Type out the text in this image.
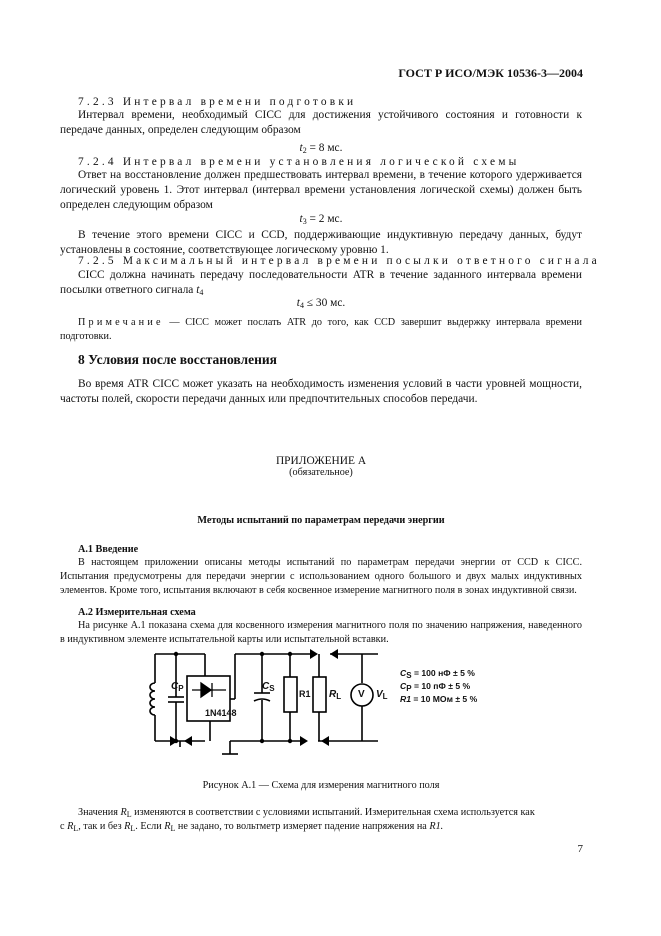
ГОСТ Р ИСО/МЭК 10536-3—2004
7.2.3 Интервал времени подготовки
Интервал времени, необходимый CICC для достижения устойчивого состояния и готовности к передаче данных, определен следующим образом
$t_2 = 8$ мс.
7.2.4 Интервал времени установления логической схемы
Ответ на восстановление должен предшествовать интервал времени, в течение которого удерживается логический уровень 1. Этот интервал (интервал времени установления логической схемы) должен быть определен следующим образом
$t_3 = 2$ мс.
В течение этого времени CICC и CCD, поддерживающие индуктивную передачу данных, будут установлены в состояние, соответствующее логическому уровню 1.
7.2.5 Максимальный интервал времени посылки ответного сигнала
CICC должна начинать передачу последовательности ATR в течение заданного интервала времени посылки ответного сигнала $t_4$
$t_4 \le 30$ мс.
Примечание — CICC может послать ATR до того, как CCD завершит выдержку интервала времени подготовки.
8 Условия после восстановления
Во время ATR CICC может указать на необходимость изменения условий в части уровней мощности, частоты полей, скорости передачи данных или предпочтительных способов передачи.
ПРИЛОЖЕНИЕ А
(обязательное)
Методы испытаний по параметрам передачи энергии
А.1 Введение
В настоящем приложении описаны методы испытаний по параметрам передачи энергии от CCD к CICC. Испытания предусмотрены для передачи энергии с использованием одного большого и двух малых индуктивных элементов. Кроме того, испытания включают в себя косвенное измерение магнитного поля в зонах индуктивной связи.
А.2 Измерительная схема
На рисунке А.1 показана схема для косвенного измерения магнитного поля по значению напряжения, наведенного в индуктивном элементе испытательной карты или испытательной вставки.
$C_P$	$C_S$
1N4148
R1 $R_L$ V $V_L$
$C_S = 100$ нФ ± 5 %
$C_P = 10$ пФ ± 5 %
R1 = 10 МОм ± 5 %
Рисунок А.1 — Схема для измерения магнитного поля
Значения $R_L$ изменяются в соответствии с условиями испытаний. Измерительная схема используется как
с $R_L$, так и без $R_L$. Если $R_L$ не задано, то вольтметр измеряет падение напряжения на R1.
7
